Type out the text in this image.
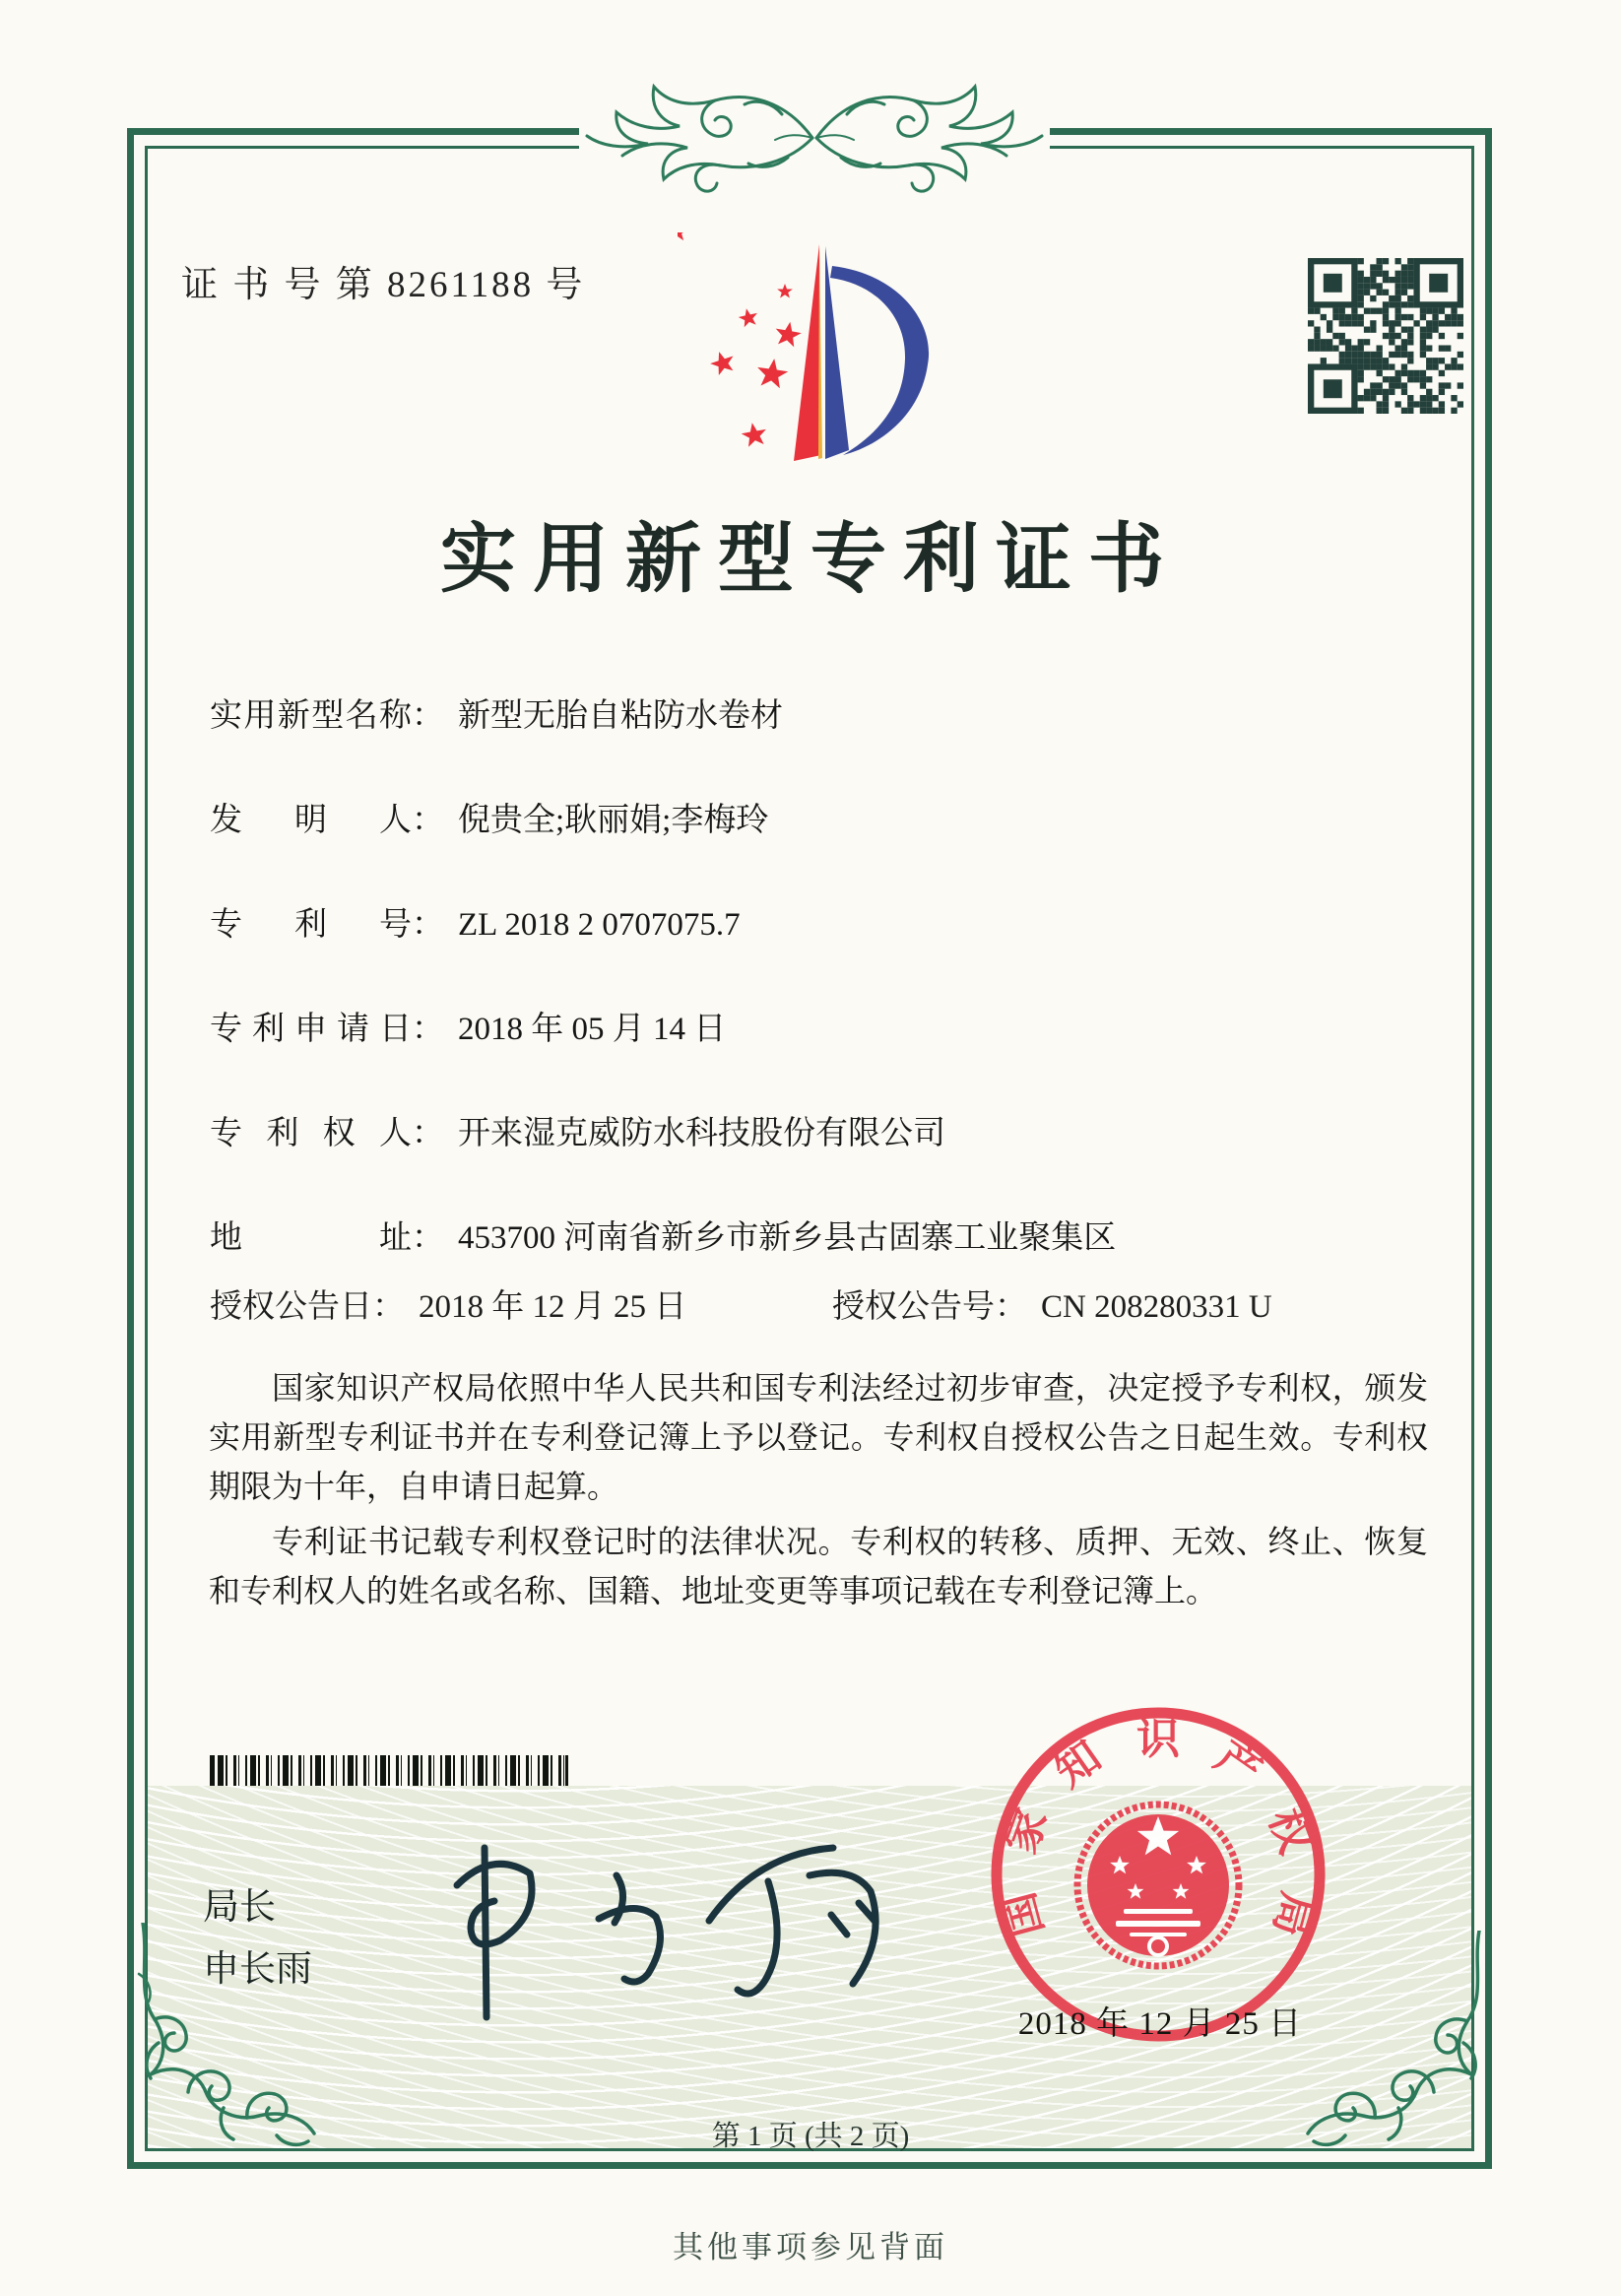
证 书 号 第 8261188 号
实用新型专利证书
实用新型名称： 新型无胎自粘防水卷材
发明人： 倪贵全;耿丽娟;李梅玲
专利号： ZL 2018 2 0707075.7
专利申请日： 2018 年 05 月 14 日
专利权人： 开来湿克威防水科技股份有限公司
地址： 453700 河南省新乡市新乡县古固寨工业聚集区
授权公告日： 2018 年 12 月 25 日	授权公告号： CN 208280331 U

国家知识产权局依照中华人民共和国专利法经过初步审查，决定授予专利权，颁发实用新型专利证书并在专利登记簿上予以登记。专利权自授权公告之日起生效。专利权期限为十年，自申请日起算。

专利证书记载专利权登记时的法律状况。专利权的转移、质押、无效、终止、恢复和专利权人的姓名或名称、国籍、地址变更等事项记载在专利登记簿上。

局长
申长雨
国
家
知 识 产
权
局
2018 年 12 月 25 日
第 1 页 (共 2 页)
其他事项参见背面
